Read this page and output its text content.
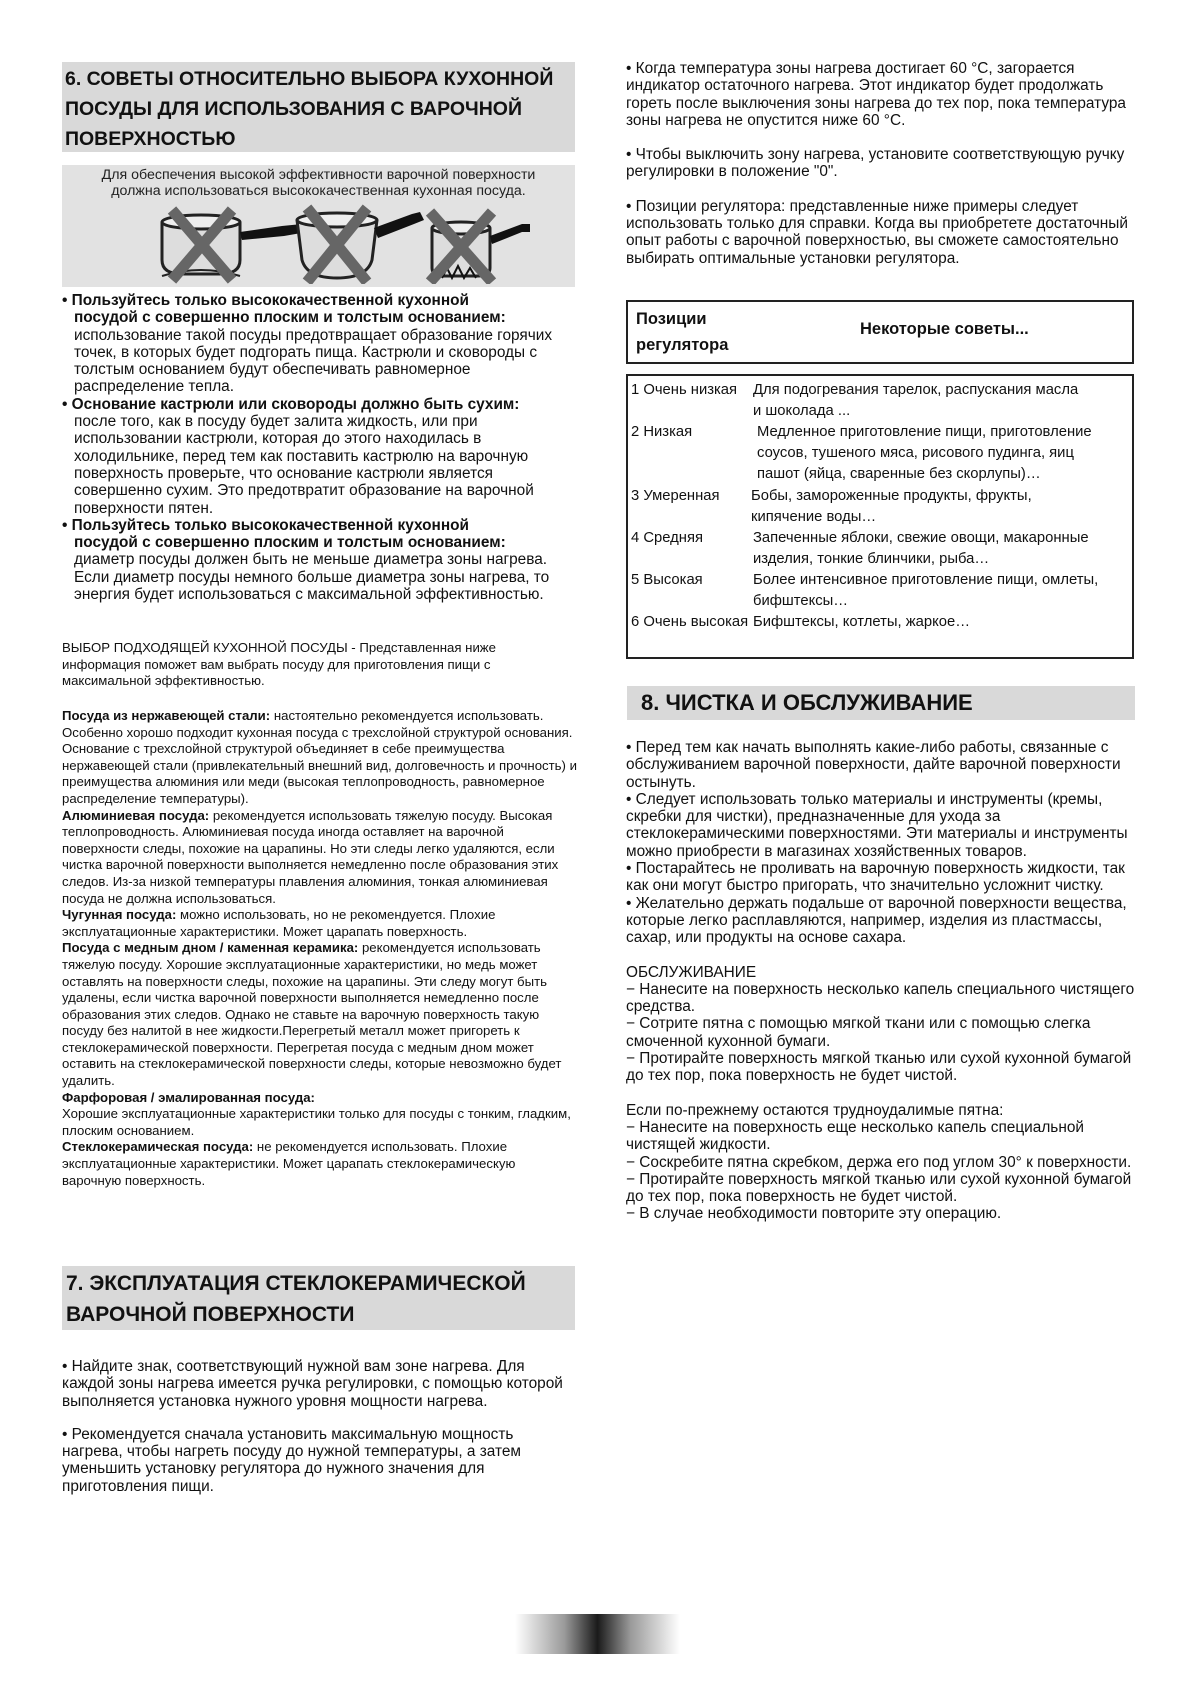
6. СОВЕТЫ ОТНОСИТЕЛЬНО ВЫБОРА КУХОННОЙ
ПОСУДЫ ДЛЯ ИСПОЛЬЗОВАНИЯ С ВАРОЧНОЙ
ПОВЕРХНОСТЬЮ
Для обеспечения высокой эффективности варочной поверхности
должна использоваться высококачественная кухонная посуда.

• Пользуйтесь только высококачественной кухонной

посудой с совершенно плоским и толстым основанием:

использование такой посуды предотвращает образование горячих точек, в которых будет подгорать пища. Кастрюли и сковороды с толстым основанием будут обеспечивать равномерное распределение тепла.

• Основание кастрюли или сковороды должно быть сухим:

после того, как в посуду будет залита жидкость, или при использовании кастрюли, которая до этого находилась в холодильнике, перед тем как поставить кастрюлю на варочную поверхность проверьте, что основание кастрюли является совершенно сухим. Это предотвратит образование на варочной поверхности пятен.

• Пользуйтесь только высококачественной кухонной

посудой с совершенно плоским и толстым основанием:

диаметр посуды должен быть не меньше диаметра зоны нагрева. Если диаметр посуды немного больше диаметра зоны нагрева, то энергия будет использоваться с максимальной эффективностью.

ВЫБОР ПОДХОДЯЩЕЙ КУХОННОЙ ПОСУДЫ - Представленная ниже информация поможет вам выбрать посуду для приготовления пищи с максимальной эффективностью.

Посуда из нержавеющей стали: настоятельно рекомендуется использовать. Особенно хорошо подходит кухонная посуда с трехслойной структурой основания. Основание с трехслойной структурой объединяет в себе преимущества нержавеющей стали (привлекательный внешний вид, долговечность и прочность) и преимущества алюминия или меди (высокая теплопроводность, равномерное распределение температуры).

Алюминиевая посуда: рекомендуется использовать тяжелую посуду. Высокая теплопроводность. Алюминиевая посуда иногда оставляет на варочной поверхности следы, похожие на царапины. Но эти следы легко удаляются, если чистка варочной поверхности выполняется немедленно после образования этих следов. Из-за низкой температуры плавления алюминия, тонкая алюминиевая посуда не должна использоваться.

Чугунная посуда: можно использовать, но не рекомендуется. Плохие эксплуатационные характеристики. Может царапать поверхность.

Посуда с медным дном / каменная керамика: рекомендуется использовать тяжелую посуду. Хорошие эксплуатационные характеристики, но медь может оставлять на поверхности следы, похожие на царапины. Эти следу могут быть удалены, если чистка варочной поверхности выполняется немедленно после образования этих следов. Однако не ставьте на варочную поверхность такую посуду без налитой в нее жидкости.Перегретый металл может пригореть к стеклокерамической поверхности. Перегретая посуда с медным дном может оставить на стеклокерамической поверхности следы, которые невозможно будет удалить.

Фарфоровая / эмалированная посуда:

Хорошие эксплуатационные характеристики только для посуды с тонким, гладким, плоским основанием.

Стеклокерамическая посуда: не рекомендуется использовать. Плохие эксплуатационные характеристики. Может царапать стеклокерамическую варочную поверхность.

7. ЭКСПЛУАТАЦИЯ СТЕКЛОКЕРАМИЧЕСКОЙ
ВАРОЧНОЙ ПОВЕРХНОСТИ

• Найдите знак, соответствующий нужной вам зоне нагрева. Для каждой зоны нагрева имеется ручка регулировки, с помощью которой выполняется установка нужного уровня мощности нагрева.

• Рекомендуется сначала установить максимальную мощность нагрева, чтобы нагреть посуду до нужной температуры, а затем уменьшить установку регулятора до нужного значения для приготовления пищи.

• Когда температура зоны нагрева достигает 60 °C, загорается индикатор остаточного нагрева. Этот индикатор будет продолжать гореть после выключения зоны нагрева до тех пор, пока температура зоны нагрева не опустится ниже 60 °C.

• Чтобы выключить зону нагрева, установите соответствующую ручку регулировки в положение "0".

• Позиции регулятора: представленные ниже примеры следует использовать только для справки. Когда вы приобретете достаточный опыт работы с варочной поверхностью, вы сможете самостоятельно выбирать оптимальные установки регулятора.

Позиции
регулятора
Некоторые советы...
1 Очень низкая Для подогревания тарелок, распускания масла
и шоколада ...
2 Низкая	Медленное приготовление пищи, приготовление
соусов, тушеного мяса, рисового пудинга, яиц
пашот (яйца, сваренные без скорлупы)…
3 Умеренная Бобы, замороженные продукты, фрукты,
кипячение воды…
4 Средняя	Запеченные яблоки, свежие овощи, макаронные
изделия, тонкие блинчики, рыба…
5 Высокая	Более интенсивное приготовление пищи, омлеты,
бифштексы…
6 Очень высокая Бифштексы, котлеты, жаркое…
8. ЧИСТКА И ОБСЛУЖИВАНИЕ

• Перед тем как начать выполнять какие-либо работы, связанные с обслуживанием варочной поверхности, дайте варочной поверхности остынуть.

• Следует использовать только материалы и инструменты (кремы, скребки для чистки), предназначенные для ухода за стеклокерамическими поверхностями. Эти материалы и инструменты можно приобрести в магазинах хозяйственных товаров.

• Постарайтесь не проливать на варочную поверхность жидкости, так как они могут быстро пригорать, что значительно усложнит чистку.

• Желательно держать подальше от варочной поверхности вещества, которые легко расплавляются, например, изделия из пластмассы, сахар, или продукты на основе сахара.

ОБСЛУЖИВАНИЕ

− Нанесите на поверхность несколько капель специального чистящего средства.

− Сотрите пятна с помощью мягкой ткани или с помощью слегка смоченной кухонной бумаги.

− Протирайте поверхность мягкой тканью или сухой кухонной бумагой до тех пор, пока поверхность не будет чистой.

Если по-прежнему остаются трудноудалимые пятна:

− Нанесите на поверхность еще несколько капель специальной чистящей жидкости.

− Соскребите пятна скребком, держа его под углом 30° к поверхности.

− Протирайте поверхность мягкой тканью или сухой кухонной бумагой до тех пор, пока поверхность не будет чистой.

− В случае необходимости повторите эту операцию.
